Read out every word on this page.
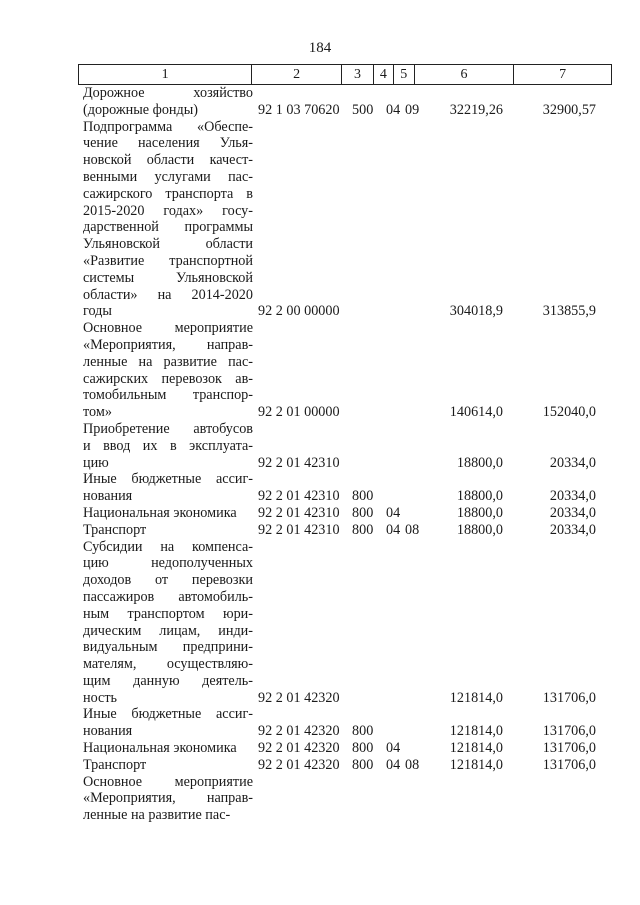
184
1	2	3	4 5	6	7
Дорожное хозяйство
(дорожные фонды)	92 1 03 70620 500 04 09	32219,26	32900,57
Подпрограмма «Обеспе-
чение населения Улья-
новской области качест-
венными услугами пас-
сажирского транспорта в
2015-2020 годах» госу-
дарственной программы
Ульяновской области
«Развитие транспортной
системы Ульяновской
области» на 2014-2020
годы	92 2 00 00000	304018,9	313855,9
Основное мероприятие
«Мероприятия, направ-
ленные на развитие пас-
сажирских перевозок ав-
томобильным транспор-
том»	92 2 01 00000	140614,0	152040,0
Приобретение автобусов
и ввод их в эксплуата-
цию	92 2 01 42310	18800,0	20334,0
Иные бюджетные ассиг-
нования	92 2 01 42310 800	18800,0	20334,0
Национальная экономика	92 2 01 42310 800 04	18800,0	20334,0
Транспорт	92 2 01 42310 800 04 08	18800,0	20334,0
Субсидии на компенса-
цию недополученных
доходов от перевозки
пассажиров автомобиль-
ным транспортом юри-
дическим лицам, инди-
видуальным предприни-
мателям, осуществляю-
щим данную деятель-
ность	92 2 01 42320	121814,0	131706,0
Иные бюджетные ассиг-
нования	92 2 01 42320 800	121814,0	131706,0
Национальная экономика	92 2 01 42320 800 04	121814,0	131706,0
Транспорт	92 2 01 42320 800 04 08	121814,0	131706,0
Основное мероприятие
«Мероприятия, направ-
ленные на развитие пас-
